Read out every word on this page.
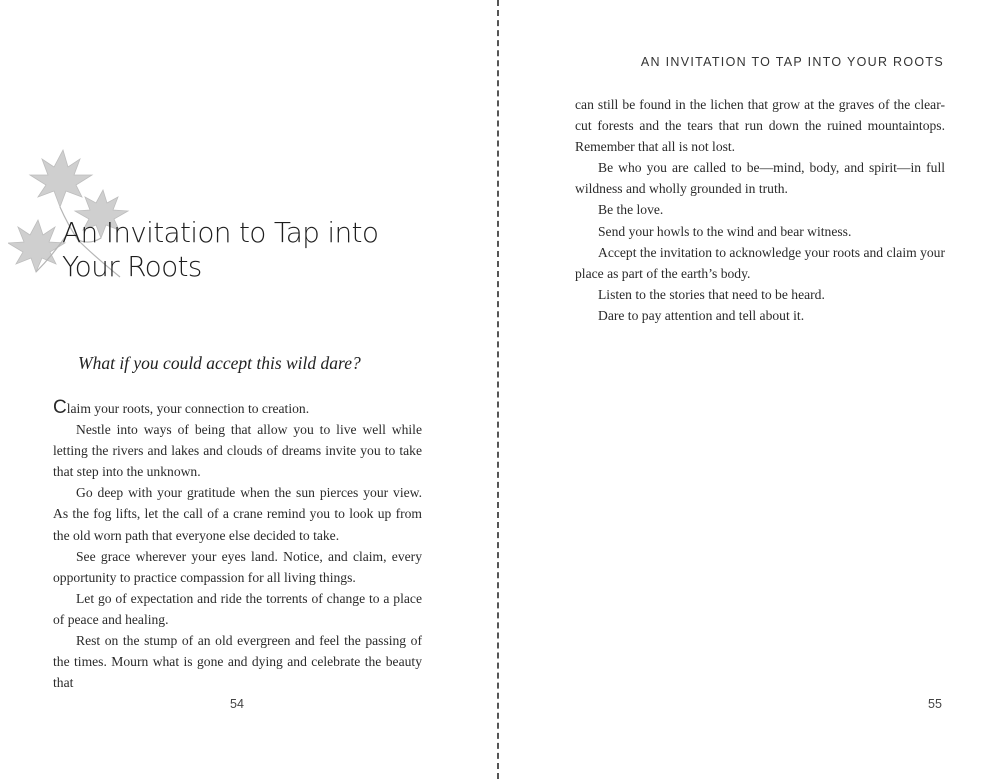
An Invitation to Tap into Your Roots

What if you could accept this wild dare?

Claim your roots, your connection to creation.

Nestle into ways of being that allow you to live well while letting the rivers and lakes and clouds of dreams invite you to take that step into the unknown.

Go deep with your gratitude when the sun pierces your view. As the fog lifts, let the call of a crane remind you to look up from the old worn path that everyone else decided to take.

See grace wherever your eyes land. Notice, and claim, every opportunity to practice compassion for all living things.

Let go of expectation and ride the torrents of change to a place of peace and healing.

Rest on the stump of an old evergreen and feel the passing of the times. Mourn what is gone and dying and celebrate the beauty that

54

AN INVITATION TO TAP INTO YOUR ROOTS

can still be found in the lichen that grow at the graves of the clear-cut forests and the tears that run down the ruined mountaintops. Remember that all is not lost.

Be who you are called to be—mind, body, and spirit—in full wildness and wholly grounded in truth.

Be the love.

Send your howls to the wind and bear witness.

Accept the invitation to acknowledge your roots and claim your place as part of the earth’s body.

Listen to the stories that need to be heard.

Dare to pay attention and tell about it.

55
